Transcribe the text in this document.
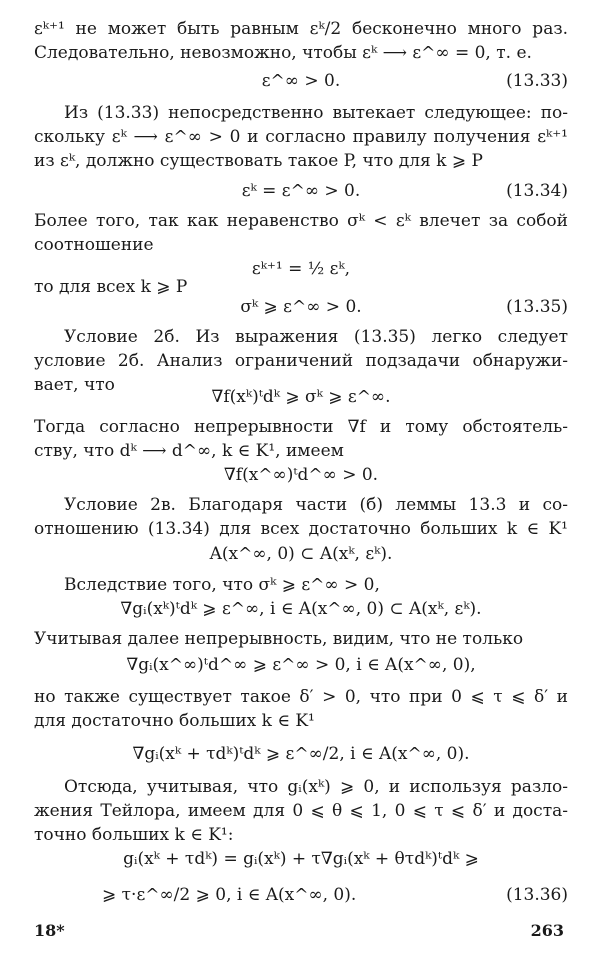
εᵏ⁺¹ не может быть равным εᵏ/2 бесконечно много раз.
Следовательно, невозможно, чтобы εᵏ ⟶ ε^∞ = 0, т. е.
ε^∞ > 0.	(13.33)
Из (13.33) непосредственно вытекает следующее: по-
скольку εᵏ ⟶ ε^∞ > 0 и согласно правилу получения εᵏ⁺¹
из εᵏ, должно существовать такое P, что для k ⩾ P
εᵏ = ε^∞ > 0.	(13.34)
Более того, так как неравенство σᵏ < εᵏ влечет за собой
соотношение
εᵏ⁺¹ = ½ εᵏ,
то для всех k ⩾ P
σᵏ ⩾ ε^∞ > 0.	(13.35)
Условие 2б. Из выражения (13.35) легко следует
условие 2б. Анализ ограничений подзадачи обнаружи-
вает, что
∇f(xᵏ)ᵗdᵏ ⩾ σᵏ ⩾ ε^∞.
Тогда согласно непрерывности ∇f и тому обстоятель-
ству, что dᵏ ⟶ d^∞, k ∈ K¹, имеем
∇f(x^∞)ᵗd^∞ > 0.
Условие 2в. Благодаря части (б) леммы 13.3 и со-
отношению (13.34) для всех достаточно больших k ∈ K¹
A(x^∞, 0) ⊂ A(xᵏ, εᵏ).
Вследствие того, что σᵏ ⩾ ε^∞ > 0,
∇gᵢ(xᵏ)ᵗdᵏ ⩾ ε^∞, i ∈ A(x^∞, 0) ⊂ A(xᵏ, εᵏ).
Учитывая далее непрерывность, видим, что не только
∇gᵢ(x^∞)ᵗd^∞ ⩾ ε^∞ > 0, i ∈ A(x^∞, 0),
но также существует такое δ′ > 0, что при 0 ⩽ τ ⩽ δ′ и
для достаточно больших k ∈ K¹
∇gᵢ(xᵏ + τdᵏ)ᵗdᵏ ⩾ ε^∞/2, i ∈ A(x^∞, 0).
Отсюда, учитывая, что gᵢ(xᵏ) ⩾ 0, и используя разло-
жения Тейлора, имеем для 0 ⩽ θ ⩽ 1, 0 ⩽ τ ⩽ δ′ и доста-
точно больших k ∈ K¹:
gᵢ(xᵏ + τdᵏ) = gᵢ(xᵏ) + τ∇gᵢ(xᵏ + θτdᵏ)ᵗdᵏ ⩾
⩾ τ·ε^∞/2 ⩾ 0, i ∈ A(x^∞, 0).	(13.36)
18*	263
